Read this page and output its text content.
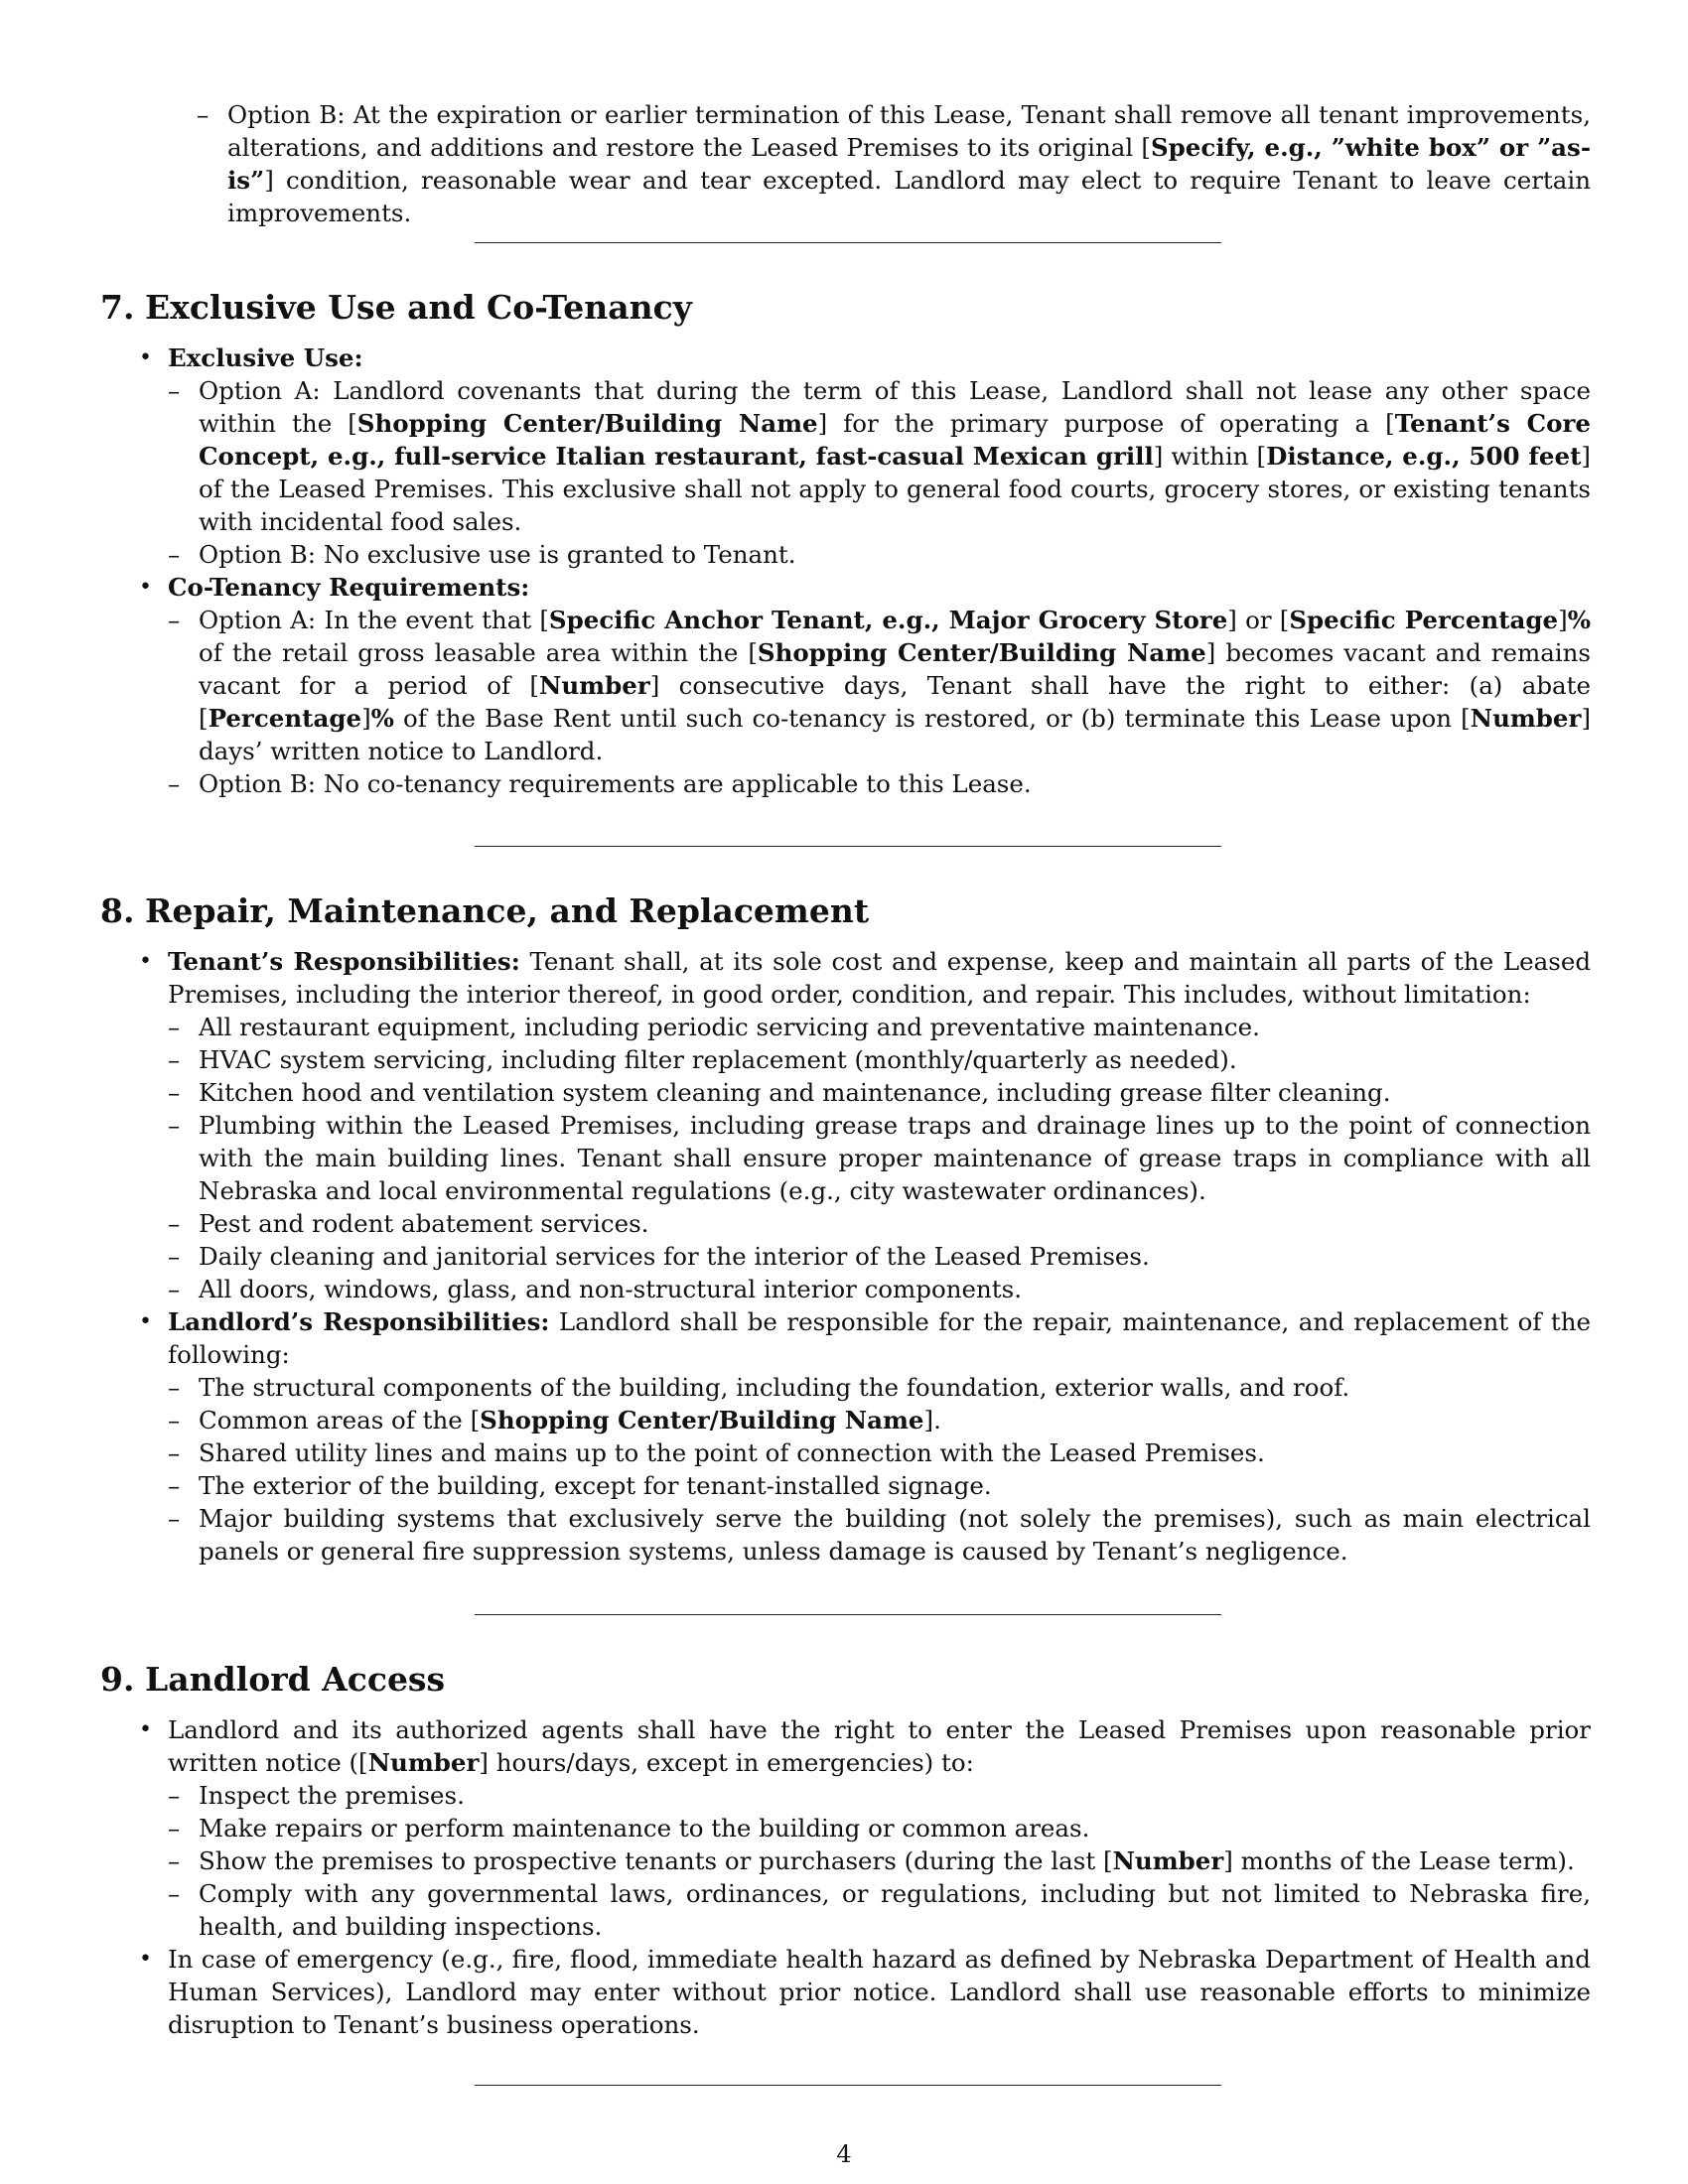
– Option B: At the expiration or earlier termination of this Lease, Tenant shall remove all tenant improvements, alterations, and additions and restore the Leased Premises to its original [Specify, e.g., ”white box” or ”as-is”] condition, reasonable wear and tear excepted. Landlord may elect to require Tenant to leave certain improvements.

7. Exclusive Use and Co-Tenancy
• Exclusive Use:

– Option A: Landlord covenants that during the term of this Lease, Landlord shall not lease any other space within the [Shopping Center/Building Name] for the primary purpose of operating a [Tenant’s Core Concept, e.g., full-service Italian restaurant, fast-casual Mexican grill] within [Distance, e.g., 500 feet] of the Leased Premises. This exclusive shall not apply to general food courts, grocery stores, or existing tenants with incidental food sales.

– Option B: No exclusive use is granted to Tenant.

• Co-Tenancy Requirements:

– Option A: In the event that [Specific Anchor Tenant, e.g., Major Grocery Store] or [Specific Percentage]% of the retail gross leasable area within the [Shopping Center/Building Name] becomes vacant and remains vacant for a period of [Number] consecutive days, Tenant shall have the right to either: (a) abate [Percentage]% of the Base Rent until such co-tenancy is restored, or (b) terminate this Lease upon [Number] days’ written notice to Landlord.

– Option B: No co-tenancy requirements are applicable to this Lease.

8. Repair, Maintenance, and Replacement

• Tenant’s Responsibilities: Tenant shall, at its sole cost and expense, keep and maintain all parts of the Leased Premises, including the interior thereof, in good order, condition, and repair. This includes, without limitation:

– All restaurant equipment, including periodic servicing and preventative maintenance.

– HVAC system servicing, including filter replacement (monthly/quarterly as needed).

– Kitchen hood and ventilation system cleaning and maintenance, including grease filter cleaning.

– Plumbing within the Leased Premises, including grease traps and drainage lines up to the point of connection with the main building lines. Tenant shall ensure proper maintenance of grease traps in compliance with all Nebraska and local environmental regulations (e.g., city wastewater ordinances).

– Pest and rodent abatement services.

– Daily cleaning and janitorial services for the interior of the Leased Premises.

– All doors, windows, glass, and non-structural interior components.

• Landlord’s Responsibilities: Landlord shall be responsible for the repair, maintenance, and replacement of the following:

– The structural components of the building, including the foundation, exterior walls, and roof.

– Common areas of the [Shopping Center/Building Name].

– Shared utility lines and mains up to the point of connection with the Leased Premises.

– The exterior of the building, except for tenant-installed signage.

– Major building systems that exclusively serve the building (not solely the premises), such as main electrical panels or general fire suppression systems, unless damage is caused by Tenant’s negligence.

9. Landlord Access

• Landlord and its authorized agents shall have the right to enter the Leased Premises upon reasonable prior written notice ([Number] hours/days, except in emergencies) to:

– Inspect the premises.

– Make repairs or perform maintenance to the building or common areas.

– Show the premises to prospective tenants or purchasers (during the last [Number] months of the Lease term).

– Comply with any governmental laws, ordinances, or regulations, including but not limited to Nebraska fire, health, and building inspections.

• In case of emergency (e.g., fire, flood, immediate health hazard as defined by Nebraska Department of Health and Human Services), Landlord may enter without prior notice. Landlord shall use reasonable efforts to minimize disruption to Tenant’s business operations.

4
